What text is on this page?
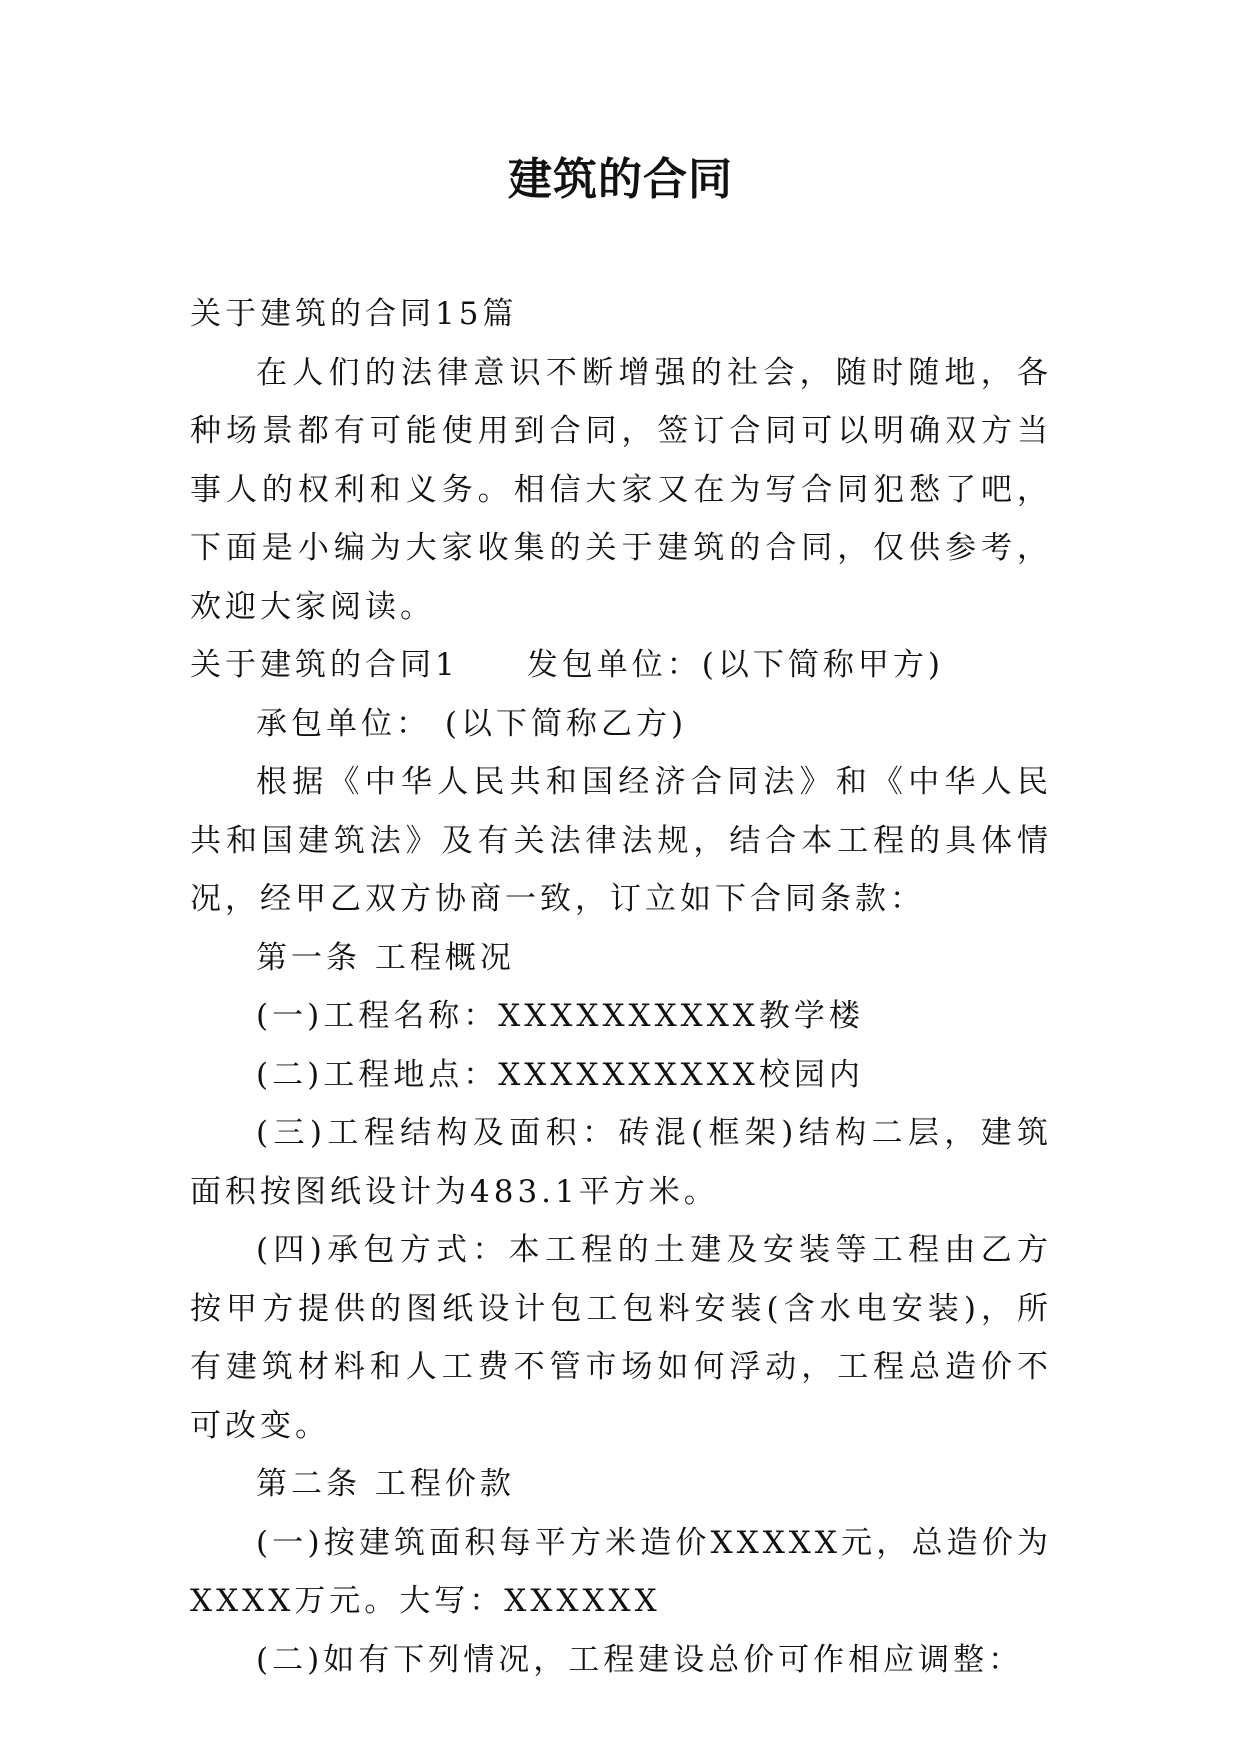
建筑的合同

关于建筑的合同15篇

在人们的法律意识不断增强的社会，随时随地，各种场景都有可能使用到合同，签订合同可以明确双方当事人的权利和义务。相信大家又在为写合同犯愁了吧，下面是小编为大家收集的关于建筑的合同，仅供参考，欢迎大家阅读。

关于建筑的合同1 发包单位：(以下简称甲方)

承包单位： (以下简称乙方)

根据《中华人民共和国经济合同法》和《中华人民共和国建筑法》及有关法律法规，结合本工程的具体情况，经甲乙双方协商一致，订立如下合同条款：

第一条 工程概况

(一)工程名称：XXXXXXXXXX教学楼

(二)工程地点：XXXXXXXXXX校园内

(三)工程结构及面积：砖混(框架)结构二层，建筑面积按图纸设计为483.1平方米。

(四)承包方式：本工程的土建及安装等工程由乙方按甲方提供的图纸设计包工包料安装(含水电安装)，所有建筑材料和人工费不管市场如何浮动，工程总造价不可改变。

第二条 工程价款

(一)按建筑面积每平方米造价XXXXX元，总造价为XXXX万元。大写：XXXXXX

(二)如有下列情况，工程建设总价可作相应调整：
